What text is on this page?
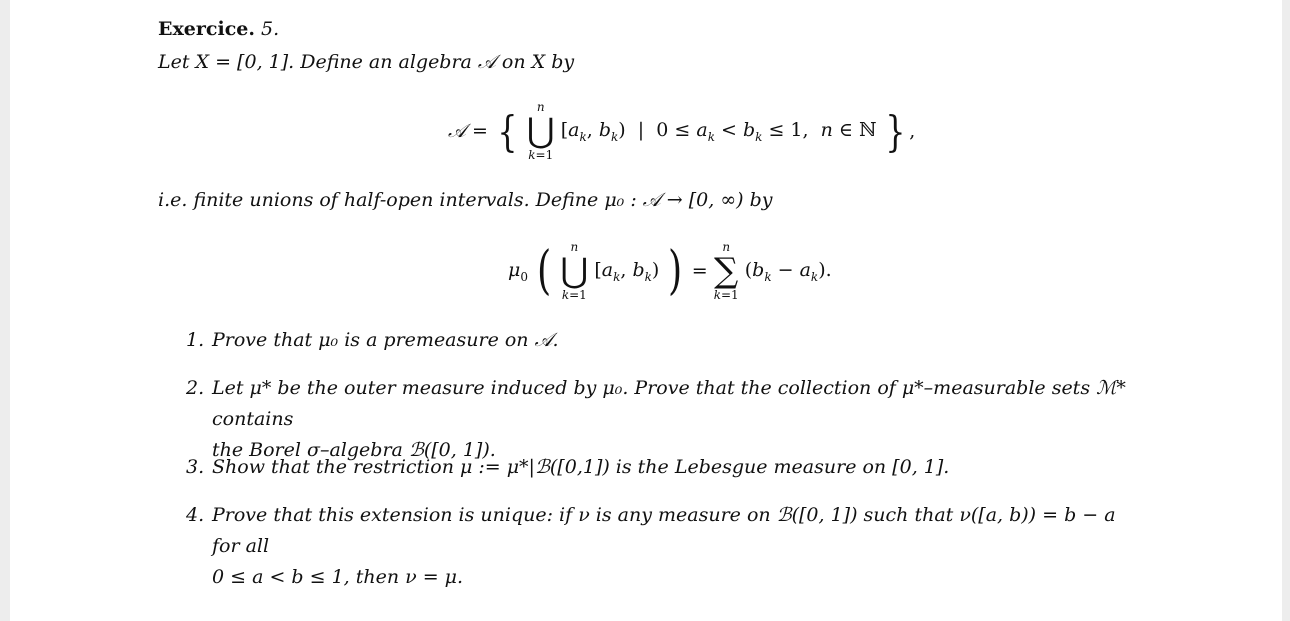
Exercice. 5.
Let X = [0, 1]. Define an algebra 𝒜 on X by
𝒜 = {	n
⋃
k=1
[$a_k$, $b_k$)  |  $0 \le a_k < b_k \le 1$,  n ∈ ℕ } ,
i.e. finite unions of half-open intervals. Define μ₀ : 𝒜 → [0, ∞) by
$\mu_0$ (	n
⋃
k=1
[$a_k$, $b_k$) ) =
n
∑
k=1
$(b_k - a_k)$.
1. Prove that μ₀ is a premeasure on 𝒜.
2. Let μ* be the outer measure induced by μ₀. Prove that the collection of μ*–measurable sets ℳ* contains
the Borel σ–algebra ℬ([0, 1]).
3. Show that the restriction μ := μ*|ℬ([0,1]) is the Lebesgue measure on [0, 1].
4. Prove that this extension is unique: if ν is any measure on ℬ([0, 1]) such that ν([a, b)) = b − a for all
0 ≤ a < b ≤ 1, then ν = μ.
